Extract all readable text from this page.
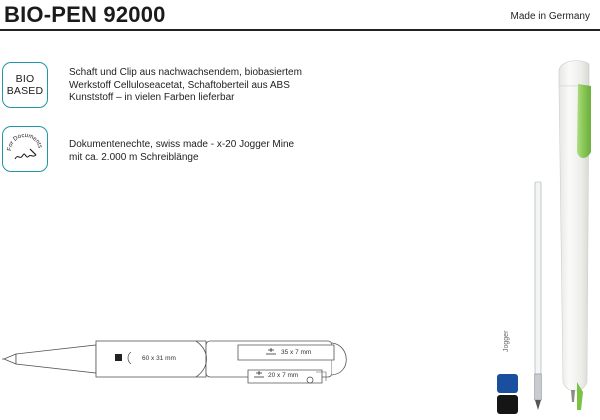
BIO-PEN 92000	Made in Germany
BIO
BASED
Schaft und Clip aus nachwachsendem, biobasiertem
Werkstoff Celluloseacetat, Schaftoberteil aus ABS
Kunststoff – in vielen Farben lieferbar
For Documents	Dokumentenechte, swiss made - x-20 Jogger Mine
mit ca. 2.000 m Schreiblänge
60 x 31 mm
35 x 7 mm
20 x 7 mm
Jogger
